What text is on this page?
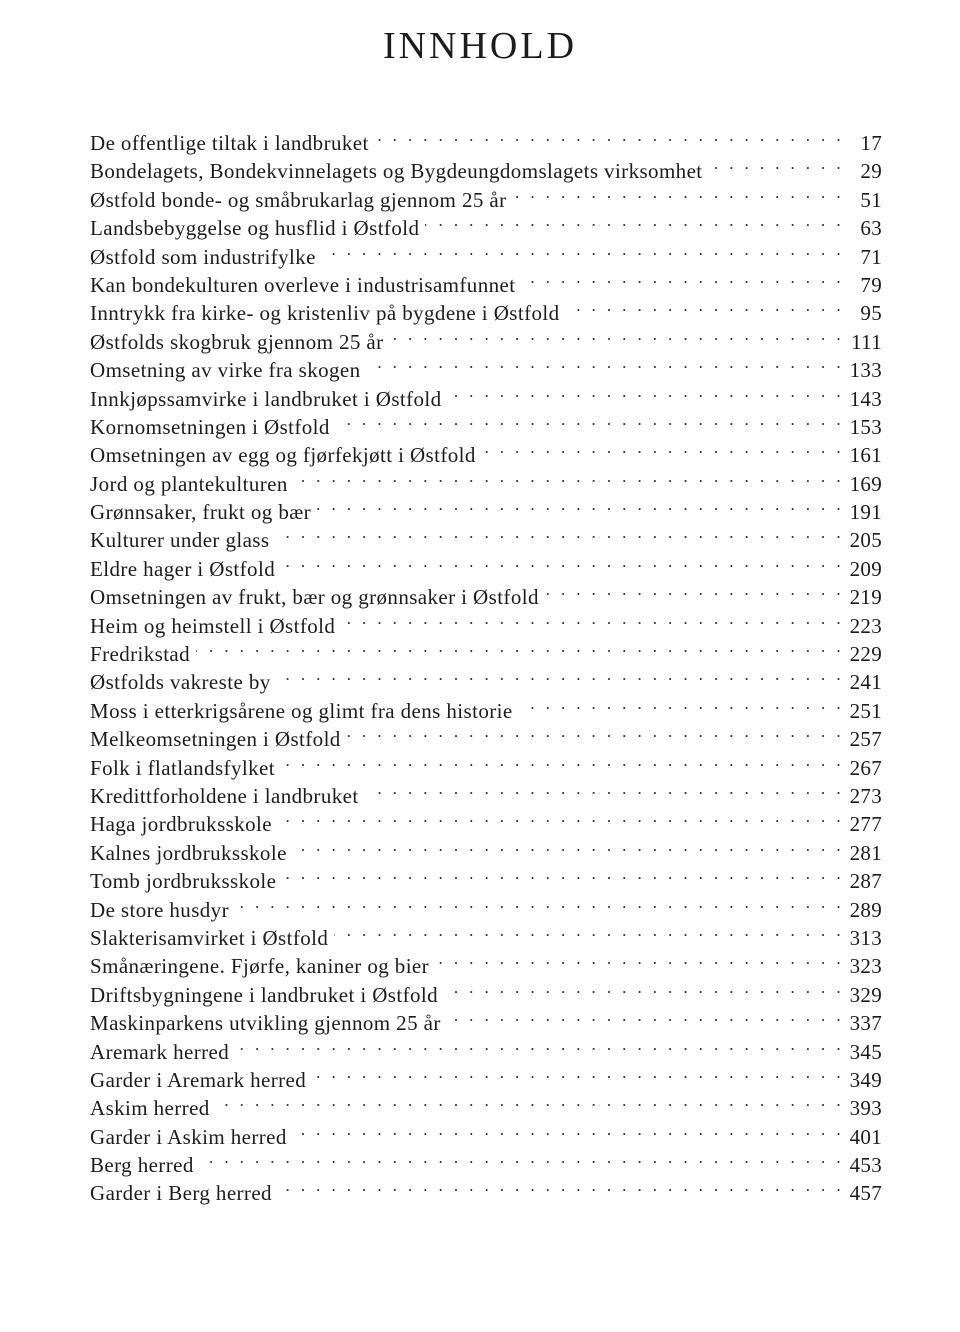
INNHOLD
De offentlige tiltak i landbruket . . .	17
Bondelagets, Bondekvinnelagets og Bygdeungdomslagets virksomhet . . .	29
Østfold bonde- og småbrukarlag gjennom 25 år . . .	51
Landsbebyggelse og husflid i Østfold . . .	63
Østfold som industrifylke . . .	71
Kan bondekulturen overleve i industrisamfunnet . . .	79
Inntrykk fra kirke- og kristenliv på bygdene i Østfold . . .	95
Østfolds skogbruk gjennom 25 år . . .	111
Omsetning av virke fra skogen . . .	133
Innkjøpssamvirke i landbruket i Østfold . . .	143
Kornomsetningen i Østfold . . .	153
Omsetningen av egg og fjørfekjøtt i Østfold . . .	161
Jord og plantekulturen . . .	169
Grønnsaker, frukt og bær . . .	191
Kulturer under glass . . .	205
Eldre hager i Østfold . . .	209
Omsetningen av frukt, bær og grønnsaker i Østfold . . .	219
Heim og heimstell i Østfold . . .	223
Fredrikstad . . .	229
Østfolds vakreste by . . .	241
Moss i etterkrigsårene og glimt fra dens historie . . .	251
Melkeomsetningen i Østfold . . .	257
Folk i flatlandsfylket . . .	267
Kredittforholdene i landbruket . . .	273
Haga jordbruksskole . . .	277
Kalnes jordbruksskole . . .	281
Tomb jordbruksskole . . .	287
De store husdyr . . .	289
Slakterisamvirket i Østfold . . .	313
Smånæringene. Fjørfe, kaniner og bier . . .	323
Driftsbygningene i landbruket i Østfold . . .	329
Maskinparkens utvikling gjennom 25 år . . .	337
Aremark herred . . .	345
Garder i Aremark herred . . .	349
Askim herred . . .	393
Garder i Askim herred . . .	401
Berg herred . . .	453
Garder i Berg herred . . .	457
